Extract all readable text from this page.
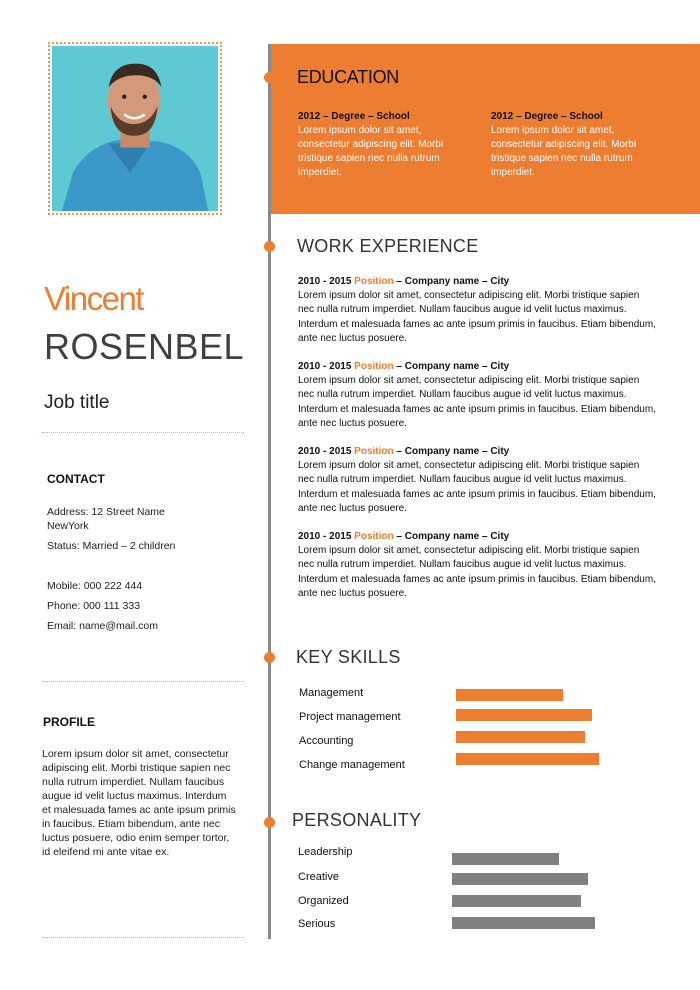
Vincent
ROSENBEL
Job title
CONTACT
Address: 12 Street Name
NewYork
Status: Married – 2 children
Mobile: 000 222 444
Phone: 000 111 333
Email: name@mail.com
PROFILE
Lorem ipsum dolor sit amet, consectetur adipiscing elit. Morbi tristique sapien nec nulla rutrum imperdiet. Nullam faucibus augue id velit luctus maximus. Interdum et malesuada fames ac ante ipsum primis in faucibus. Etiam bibendum, ante nec luctus posuere, odio enim semper tortor, id eleifend mi ante vitae ex.
EDUCATION
2012 – Degree – School
Lorem ipsum dolor sit amet, consectetur adipiscing elit. Morbi tristique sapien nec nulla rutrum imperdiet.
2012 – Degree – School
Lorem ipsum dolor sit amet, consectetur adipiscing elit. Morbi tristique sapien nec nulla rutrum imperdiet.
WORK EXPERIENCE
2010 - 2015 Position – Company name – City
Lorem ipsum dolor sit amet, consectetur adipiscing elit. Morbi tristique sapien nec nulla rutrum imperdiet. Nullam faucibus augue id velit luctus maximus. Interdum et malesuada fames ac ante ipsum primis in faucibus. Etiam bibendum, ante nec luctus posuere.
2010 - 2015 Position – Company name – City
Lorem ipsum dolor sit amet, consectetur adipiscing elit. Morbi tristique sapien nec nulla rutrum imperdiet. Nullam faucibus augue id velit luctus maximus. Interdum et malesuada fames ac ante ipsum primis in faucibus. Etiam bibendum, ante nec luctus posuere.
2010 - 2015 Position – Company name – City
Lorem ipsum dolor sit amet, consectetur adipiscing elit. Morbi tristique sapien nec nulla rutrum imperdiet. Nullam faucibus augue id velit luctus maximus. Interdum et malesuada fames ac ante ipsum primis in faucibus. Etiam bibendum, ante nec luctus posuere.
2010 - 2015 Position – Company name – City
Lorem ipsum dolor sit amet, consectetur adipiscing elit. Morbi tristique sapien nec nulla rutrum imperdiet. Nullam faucibus augue id velit luctus maximus. Interdum et malesuada fames ac ante ipsum primis in faucibus. Etiam bibendum, ante nec luctus posuere.
KEY SKILLS
Management
Project management
Accounting
Change management
PERSONALITY
Leadership
Creative
Organized
Serious
